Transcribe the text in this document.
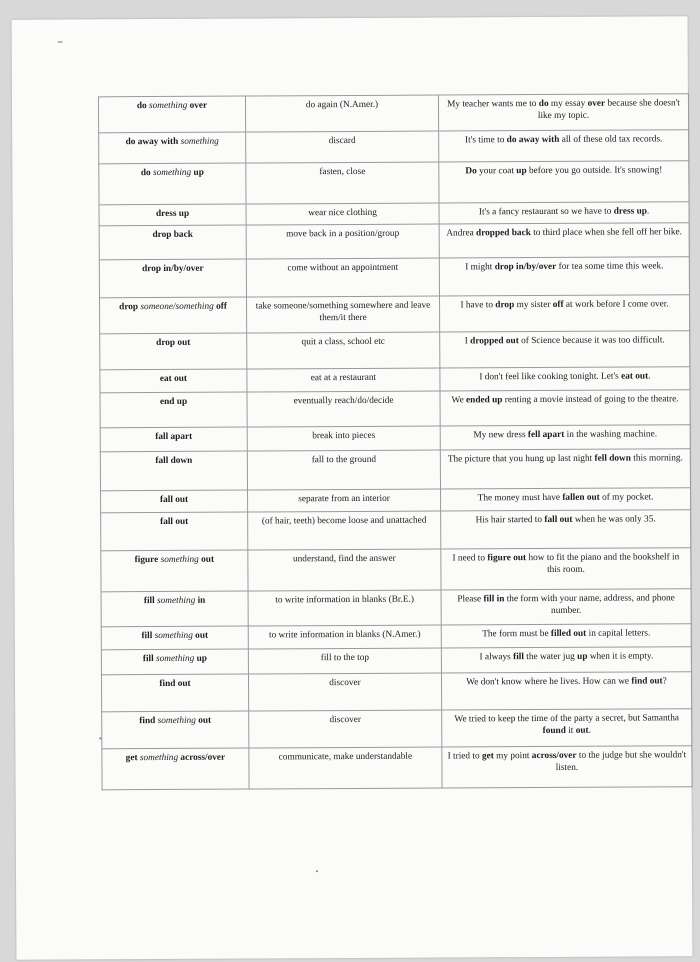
do something over	do again (N.Amer.)	My teacher wants me to do my essay over because she doesn't like my topic.
do away with something	discard	It's time to do away with all of these old tax records.
do something up	fasten, close	Do your coat up before you go outside. It's snowing!
dress up	wear nice clothing	It's a fancy restaurant so we have to dress up.
drop back	move back in a position/group	Andrea dropped back to third place when she fell off her bike.
drop in/by/over	come without an appointment	I might drop in/by/over for tea some time this week.
drop someone/something off	take someone/something somewhere and leave them/it there	I have to drop my sister off at work before I come over.
drop out	quit a class, school etc	I dropped out of Science because it was too difficult.
eat out	eat at a restaurant	I don't feel like cooking tonight. Let's eat out.
end up	eventually reach/do/decide	We ended up renting a movie instead of going to the theatre.
fall apart	break into pieces	My new dress fell apart in the washing machine.
fall down	fall to the ground	The picture that you hung up last night fell down this morning.
fall out	separate from an interior	The money must have fallen out of my pocket.
fall out	(of hair, teeth) become loose and unattached	His hair started to fall out when he was only 35.
figure something out	understand, find the answer	I need to figure out how to fit the piano and the bookshelf in this room.
fill something in	to write information in blanks (Br.E.)	Please fill in the form with your name, address, and phone number.
fill something out	to write information in blanks (N.Amer.)	The form must be filled out in capital letters.
fill something up	fill to the top	I always fill the water jug up when it is empty.
find out	discover	We don't know where he lives. How can we find out?
find something out	discover	We tried to keep the time of the party a secret, but Samantha found it out.
get something across/over	communicate, make understandable	I tried to get my point across/over to the judge but she wouldn't listen.
